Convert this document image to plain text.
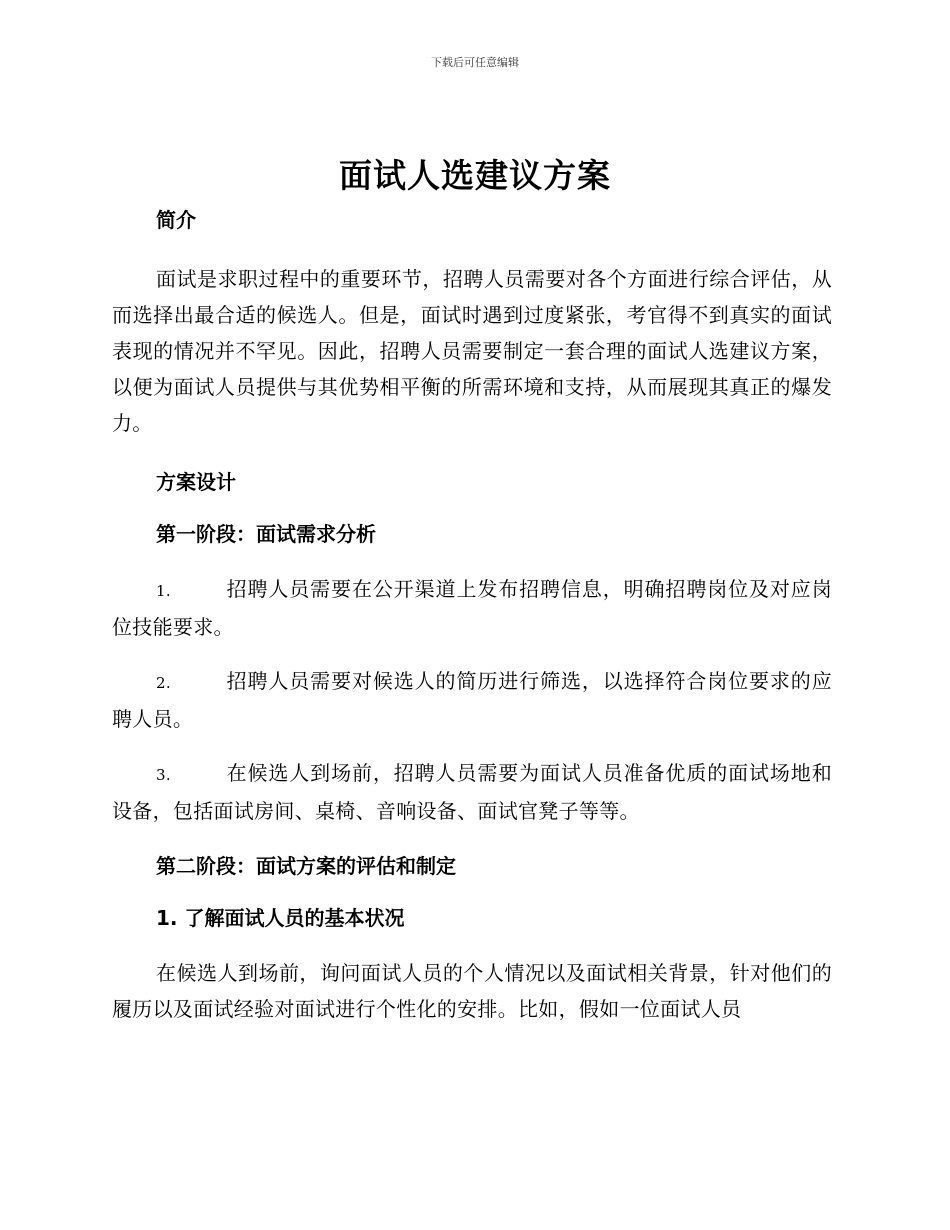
下载后可任意编辑
面试人选建议方案

简介

面试是求职过程中的重要环节，招聘人员需要对各个方面进行综合评估，从而选择出最合适的候选人。但是，面试时遇到过度紧张，考官得不到真实的面试表现的情况并不罕见。因此，招聘人员需要制定一套合理的面试人选建议方案，以便为面试人员提供与其优势相平衡的所需环境和支持，从而展现其真正的爆发力。

方案设计

第一阶段：面试需求分析

1.	招聘人员需要在公开渠道上发布招聘信息，明确招聘岗位及对应岗位技能要求。

2.	招聘人员需要对候选人的简历进行筛选，以选择符合岗位要求的应聘人员。

3.	在候选人到场前，招聘人员需要为面试人员准备优质的面试场地和设备，包括面试房间、桌椅、音响设备、面试官凳子等等。

第二阶段：面试方案的评估和制定

1. 了解面试人员的基本状况

在候选人到场前，询问面试人员的个人情况以及面试相关背景，针对他们的履历以及面试经验对面试进行个性化的安排。比如，假如一位面试人员
